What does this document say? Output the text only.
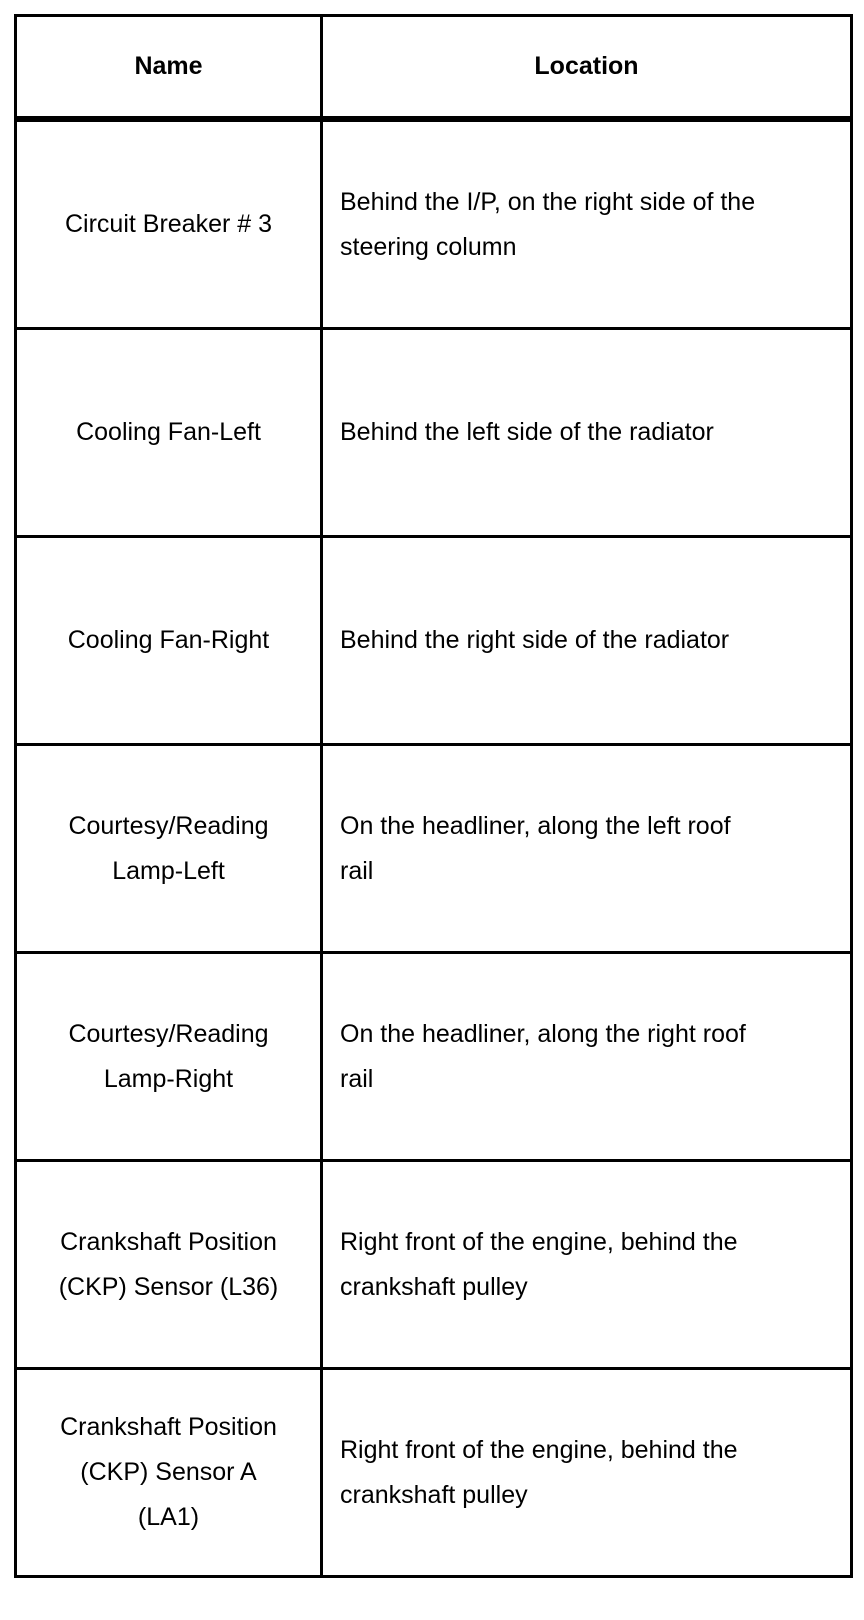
Name	Location
Circuit Breaker # 3	Behind the I/P, on the right side of the steering column
Cooling Fan-Left	Behind the left side of the radiator
Cooling Fan-Right	Behind the right side of the radiator
Courtesy/Reading Lamp-Left	On the headliner, along the left roof rail
Courtesy/Reading Lamp-Right	On the headliner, along the right roof rail
Crankshaft Position (CKP) Sensor (L36)	Right front of the engine, behind the crankshaft pulley
Crankshaft Position (CKP) Sensor A (LA1)	Right front of the engine, behind the crankshaft pulley
